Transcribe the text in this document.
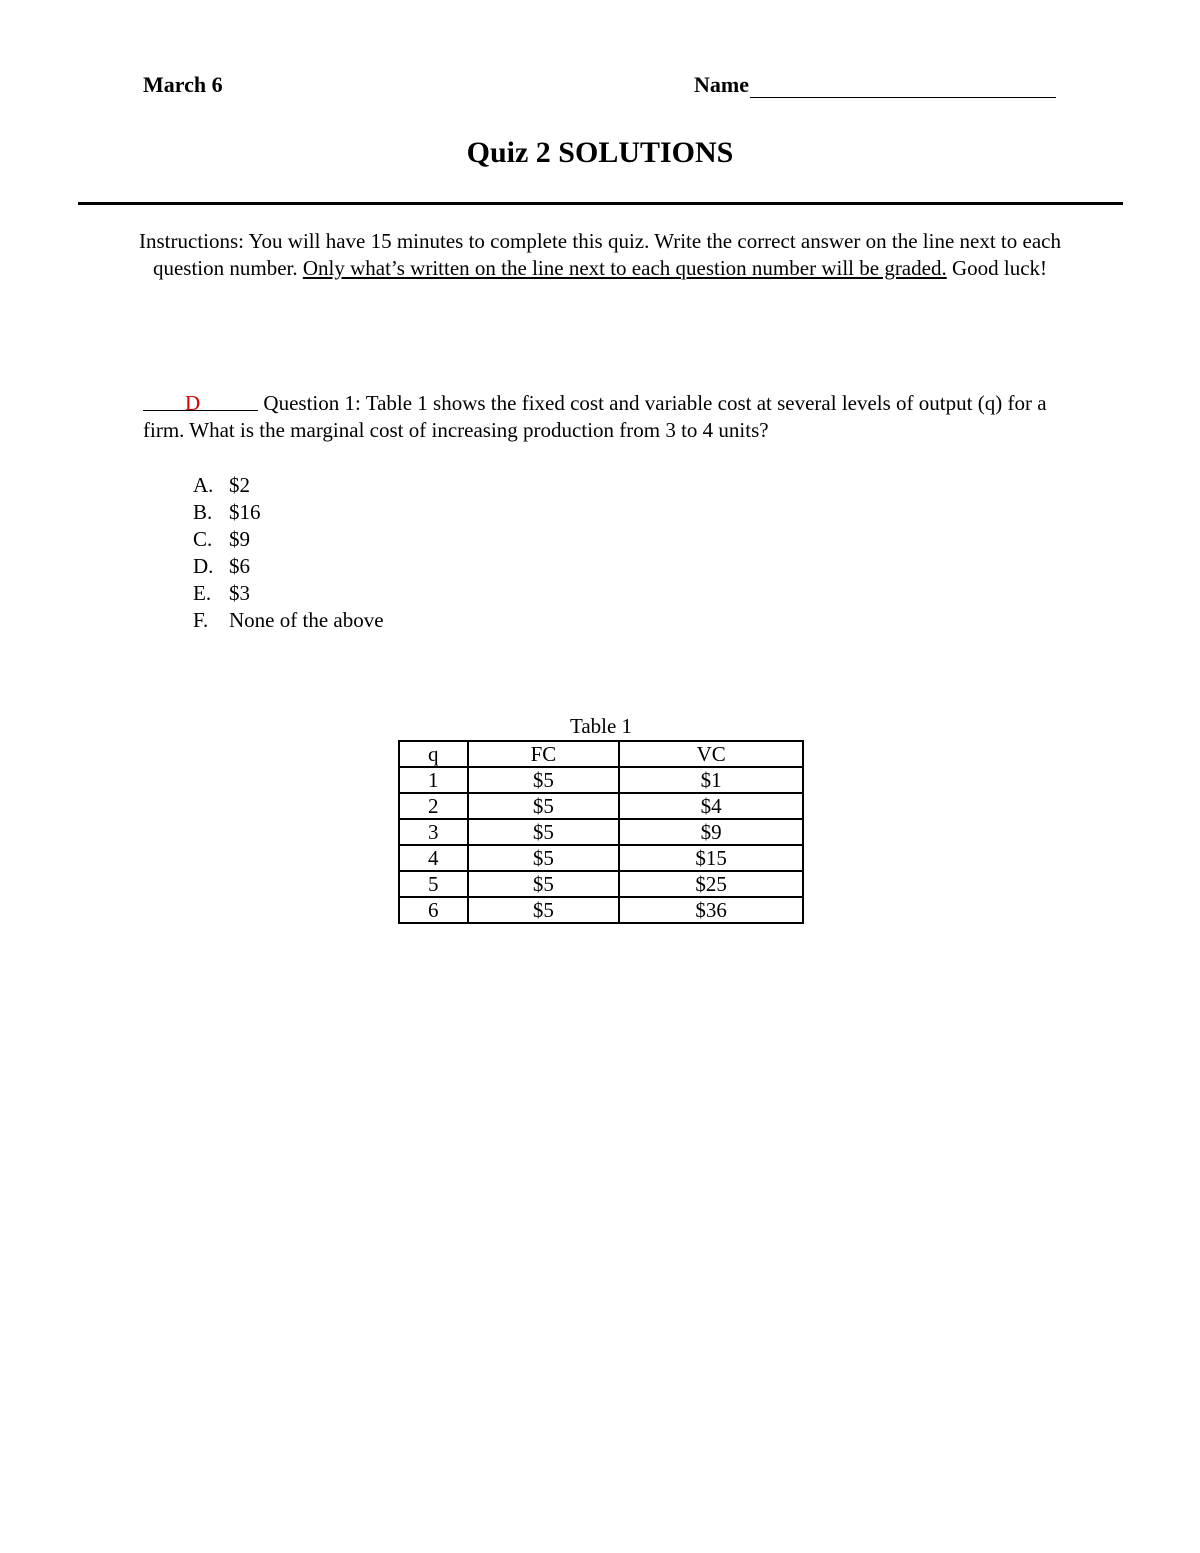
March 6	Name
Quiz 2 SOLUTIONS
Instructions: You will have 15 minutes to complete this quiz. Write the correct answer on the line next to each question number. Only what’s written on the line next to each question number will be graded. Good luck!
D	Question 1: Table 1 shows the fixed cost and variable cost at several levels of output (q) for a firm. What is the marginal cost of increasing production from 3 to 4 units?
A. $2
B. $16
C. $9
D. $6
E. $3
F. None of the above
Table 1
q	FC	VC
1	$5	$1
2	$5	$4
3	$5	$9
4	$5	$15
5	$5	$25
6	$5	$36
